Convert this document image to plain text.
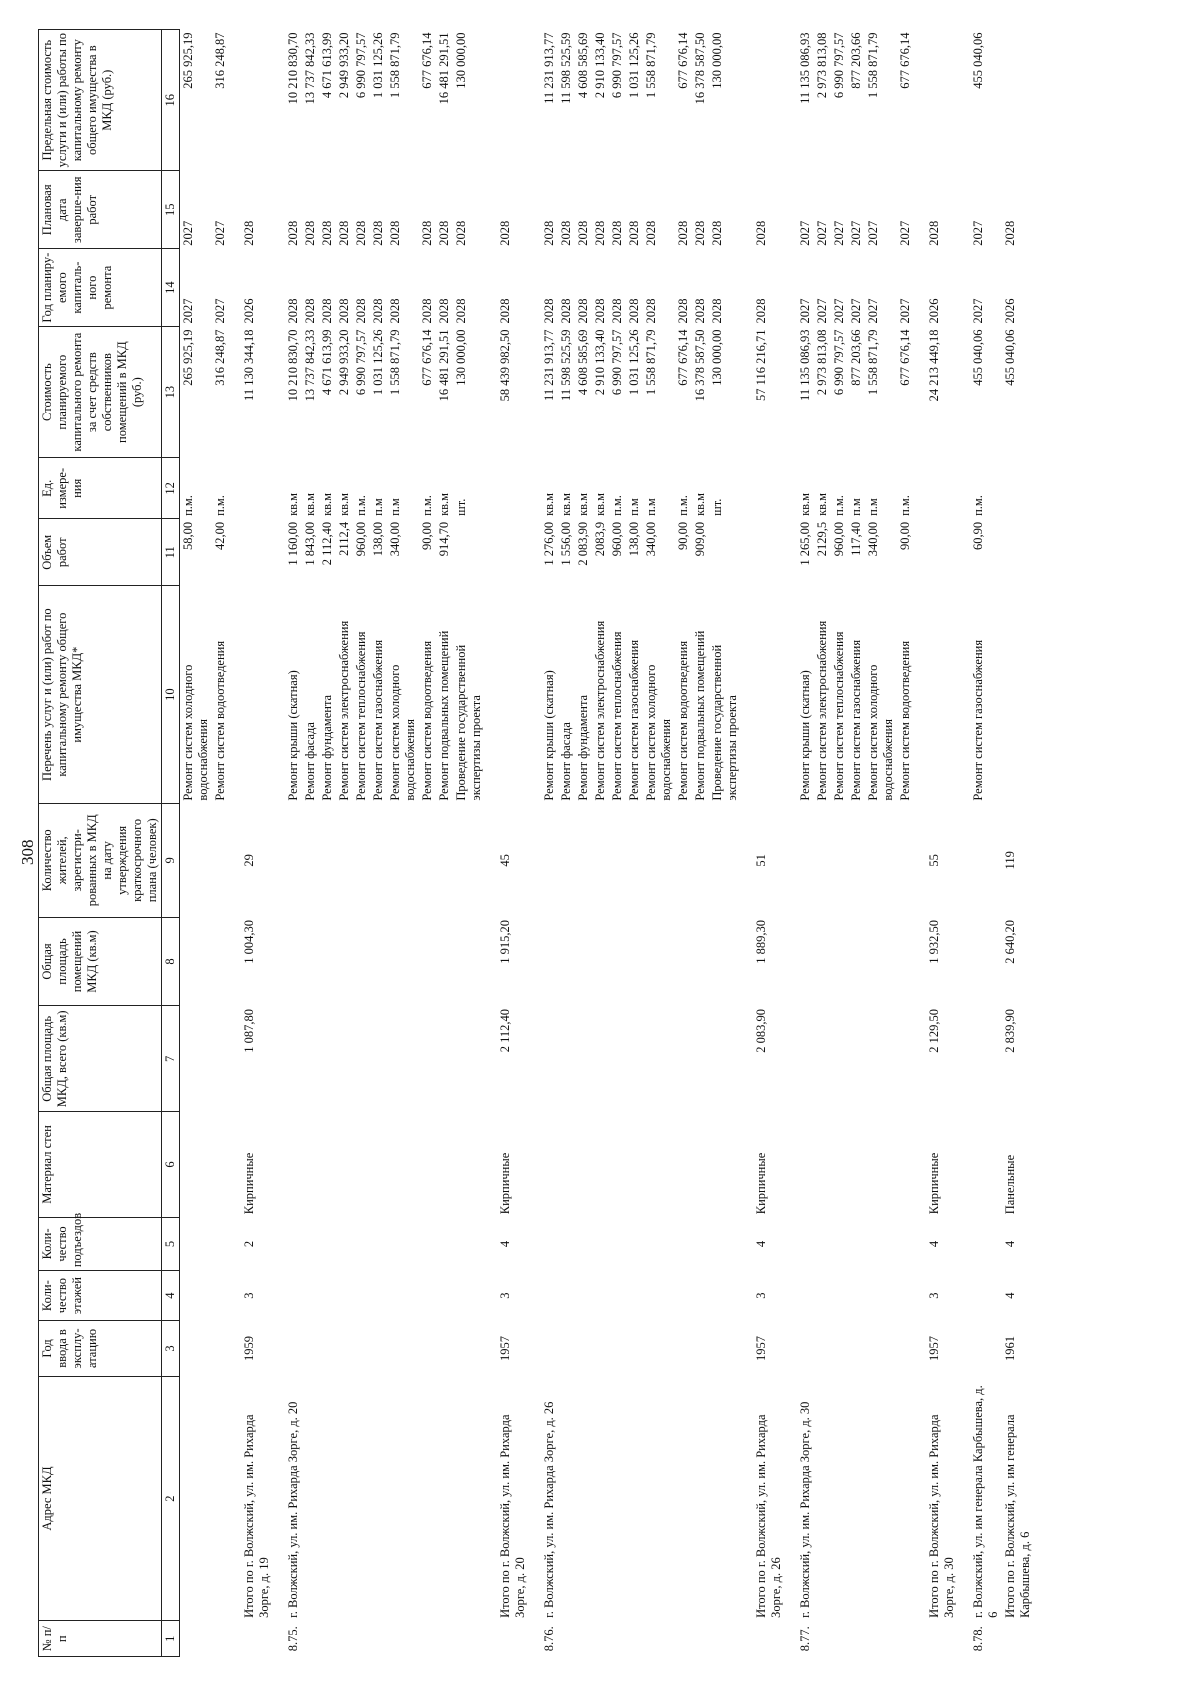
308
№ п/п	Адрес МКД	Год ввода в эксплу-атацию	Коли-чество этажей	Коли-чество подъездов	Материал стен	Общая площадь МКД, всего (кв.м)	Общая площадь помещений МКД (кв.м)	Количество жителей, зарегистри-рованных в МКД на дату утверждения краткосрочного плана (человек)	Перечень услуг и (или) работ по капитальному ремонту общего имущества МКД*	Объем работ	Ед. измере-ния	Стоимость планируемого капитального ремонта за счет средств собственников помещений в МКД (руб.)	Год планиру-емого капиталь-ного ремонта	Плановая дата заверше-ния работ	Предельная стоимость услуги и (или) работы по капитальному ремонту общего имущества в МКД (руб.)
1	2	3	4	5	6	7	8	9	10	11	12	13	14	15	16
									Ремонт систем холодного водоснабжения	58,00	п.м.	265 925,19	2027	2027	265 925,19
									Ремонт систем водоотведения	42,00	п.м.	316 248,87	2027	2027	316 248,87

	Итого по г. Волжский, ул. им. Рихарда Зорге, д. 19	1959	3	2	Кирпичные	1 087,80	1 004,30	29				11 130 344,18	2026	2028	

8.75.	г. Волжский, ул. им. Рихарда Зорге, д. 20								Ремонт крыши (скатная)	1 160,00	кв.м	10 210 830,70	2028	2028	10 210 830,70
									Ремонт фасада	1 843,00	кв.м	13 737 842,33	2028	2028	13 737 842,33
									Ремонт фундамента	2 112,40	кв.м	4 671 613,99	2028	2028	4 671 613,99
									Ремонт систем электроснабжения	2112,4	кв.м	2 949 933,20	2028	2028	2 949 933,20
									Ремонт систем теплоснабжения	960,00	п.м.	6 990 797,57	2028	2028	6 990 797,57
									Ремонт систем газоснабжения	138,00	п.м	1 031 125,26	2028	2028	1 031 125,26
									Ремонт систем холодного водоснабжения	340,00	п.м	1 558 871,79	2028	2028	1 558 871,79
									Ремонт систем водоотведения	90,00	п.м.	677 676,14	2028	2028	677 676,14
									Ремонт подвальных помещений	914,70	кв.м	16 481 291,51	2028	2028	16 481 291,51
									Проведение государственной экспертизы проекта		шт.	130 000,00	2028	2028	130 000,00

	Итого по г. Волжский, ул. им. Рихарда Зорге, д. 20	1957	3	4	Кирпичные	2 112,40	1 915,20	45				58 439 982,50	2028	2028	

8.76.	г. Волжский, ул. им. Рихарда Зорге, д. 26								Ремонт крыши (скатная)	1 276,00	кв.м	11 231 913,77	2028	2028	11 231 913,77
									Ремонт фасада	1 556,00	кв.м	11 598 525,59	2028	2028	11 598 525,59
									Ремонт фундамента	2 083,90	кв.м	4 608 585,69	2028	2028	4 608 585,69
									Ремонт систем электроснабжения	2083,9	кв.м	2 910 133,40	2028	2028	2 910 133,40
									Ремонт систем теплоснабжения	960,00	п.м.	6 990 797,57	2028	2028	6 990 797,57
									Ремонт систем газоснабжения	138,00	п.м	1 031 125,26	2028	2028	1 031 125,26
									Ремонт систем холодного водоснабжения	340,00	п.м	1 558 871,79	2028	2028	1 558 871,79
									Ремонт систем водоотведения	90,00	п.м.	677 676,14	2028	2028	677 676,14
									Ремонт подвальных помещений	909,00	кв.м	16 378 587,50	2028	2028	16 378 587,50
									Проведение государственной экспертизы проекта		шт.	130 000,00	2028	2028	130 000,00

	Итого по г. Волжский, ул. им. Рихарда Зорге, д. 26	1957	3	4	Кирпичные	2 083,90	1 889,30	51				57 116 216,71	2028	2028	

8.77.	г. Волжский, ул. им. Рихарда Зорге, д. 30								Ремонт крыши (скатная)	1 265,00	кв.м	11 135 086,93	2027	2027	11 135 086,93
									Ремонт систем электроснабжения	2129,5	кв.м	2 973 813,08	2027	2027	2 973 813,08
									Ремонт систем теплоснабжения	960,00	п.м.	6 990 797,57	2027	2027	6 990 797,57
									Ремонт систем газоснабжения	117,40	п.м	877 203,66	2027	2027	877 203,66
									Ремонт систем холодного водоснабжения	340,00	п.м	1 558 871,79	2027	2027	1 558 871,79
									Ремонт систем водоотведения	90,00	п.м.	677 676,14	2027	2027	677 676,14

	Итого по г. Волжский, ул. им. Рихарда Зорге, д. 30	1957	3	4	Кирпичные	2 129,50	1 932,50	55				24 213 449,18	2026	2028	

8.78.	г. Волжский, ул. им генерала Карбышева, д. 6								Ремонт систем газоснабжения	60,90	п.м.	455 040,06	2027	2027	455 040,06
	Итого по г. Волжский, ул. им генерала Карбышева, д. 6	1961	4	4	Панельные	2 839,90	2 640,20	119				455 040,06	2026	2028	
